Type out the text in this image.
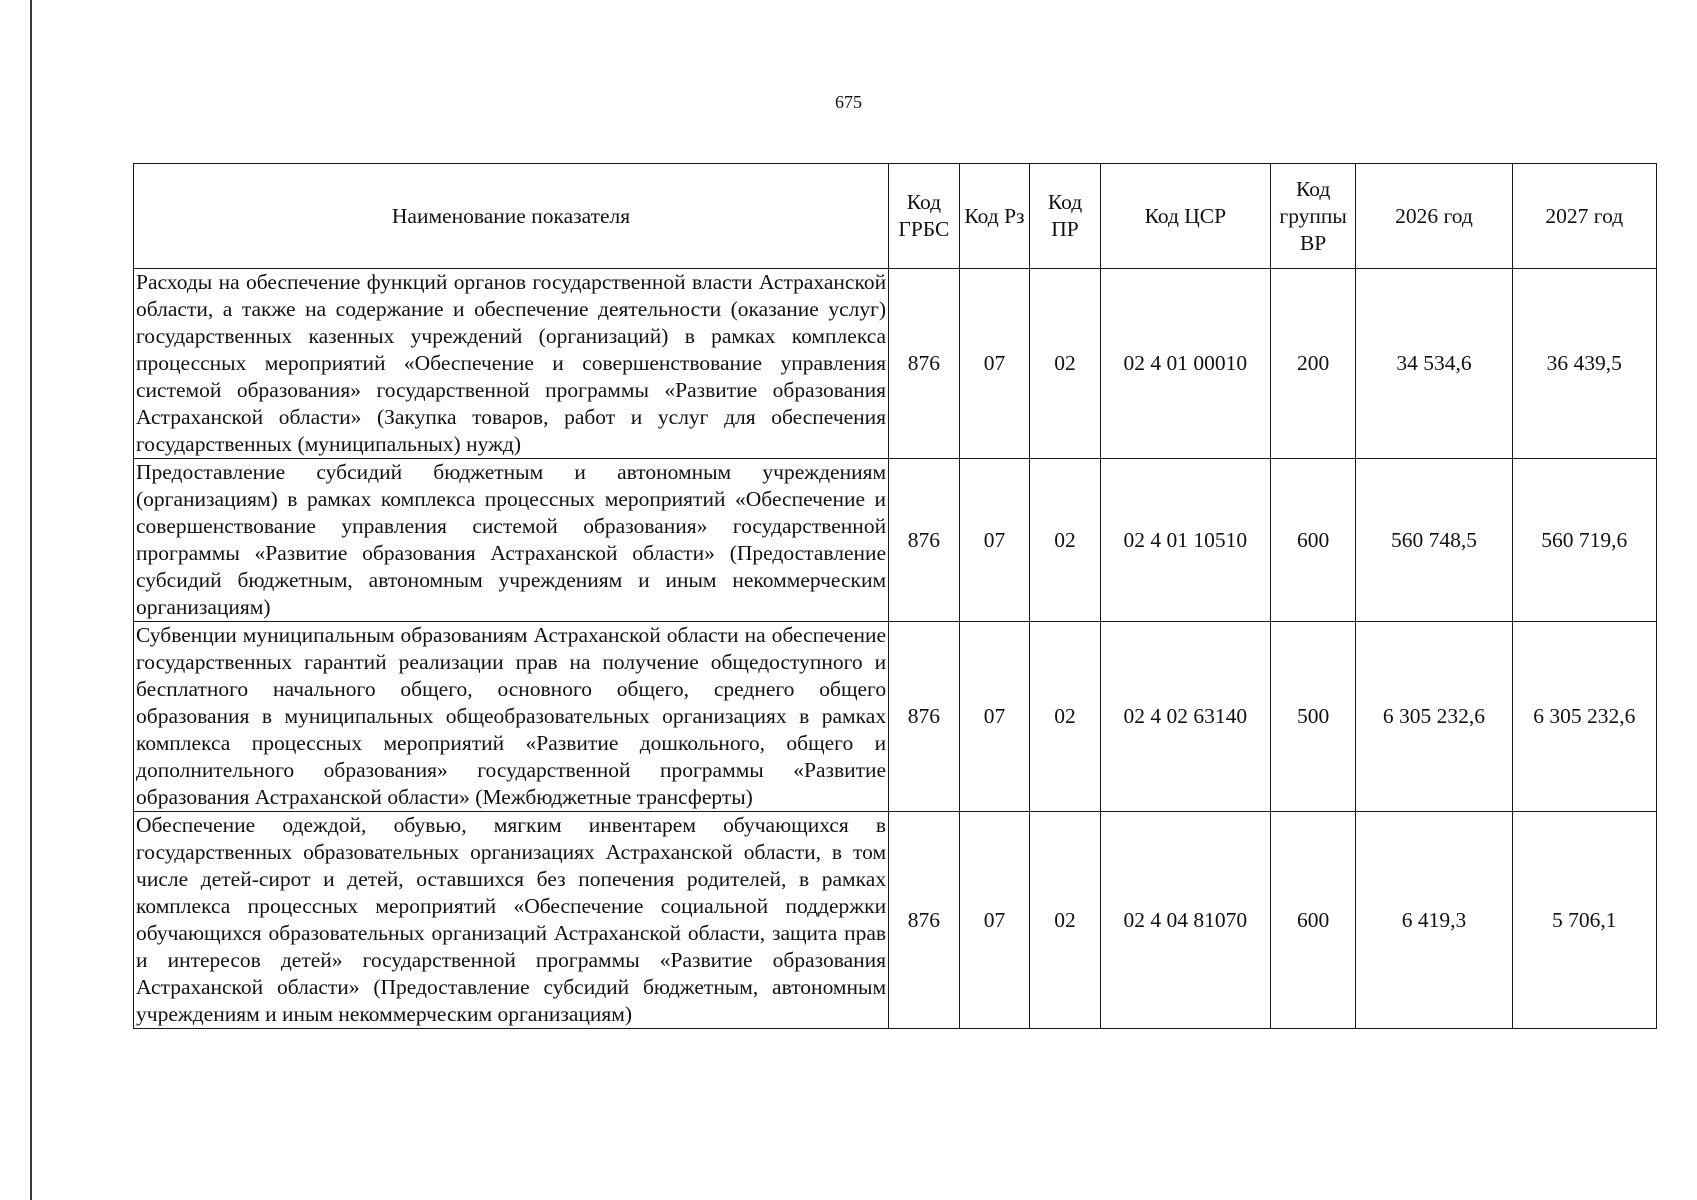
675
Наименование показателя	Код ГРБС	Код Рз	Код ПР	Код ЦСР	Код группы ВР	2026 год	2027 год
Расходы на обеспечение функций органов государственной власти Астраханской области, а также на содержание и обеспечение деятельности (оказание услуг) государственных казенных учреждений (организаций) в рамках комплекса процессных мероприятий «Обеспечение и совершенствование управления системой образования» государственной программы «Развитие образования Астраханской области» (Закупка товаров, работ и услуг для обеспечения государственных (муниципальных) нужд)	876	07	02	02 4 01 00010	200	34 534,6	36 439,5
Предоставление субсидий бюджетным и автономным учреждениям (организациям) в рамках комплекса процессных мероприятий «Обеспечение и совершенствование управления системой образования» государственной программы «Развитие образования Астраханской области» (Предоставление субсидий бюджетным, автономным учреждениям и иным некоммерческим организациям)	876	07	02	02 4 01 10510	600	560 748,5	560 719,6
Субвенции муниципальным образованиям Астраханской области на обеспечение государственных гарантий реализации прав на получение общедоступного и бесплатного начального общего, основного общего, среднего общего образования в муниципальных общеобразовательных организациях в рамках комплекса процессных мероприятий «Развитие дошкольного, общего и дополнительного образования» государственной программы «Развитие образования Астраханской области» (Межбюджетные трансферты)	876	07	02	02 4 02 63140	500	6 305 232,6	6 305 232,6
Обеспечение одеждой, обувью, мягким инвентарем обучающихся в государственных образовательных организациях Астраханской области, в том числе детей-сирот и детей, оставшихся без попечения родителей, в рамках комплекса процессных мероприятий «Обеспечение социальной поддержки обучающихся образовательных организаций Астраханской области, защита прав и интересов детей» государственной программы «Развитие образования Астраханской области» (Предоставление субсидий бюджетным, автономным учреждениям и иным некоммерческим организациям)	876	07	02	02 4 04 81070	600	6 419,3	5 706,1
